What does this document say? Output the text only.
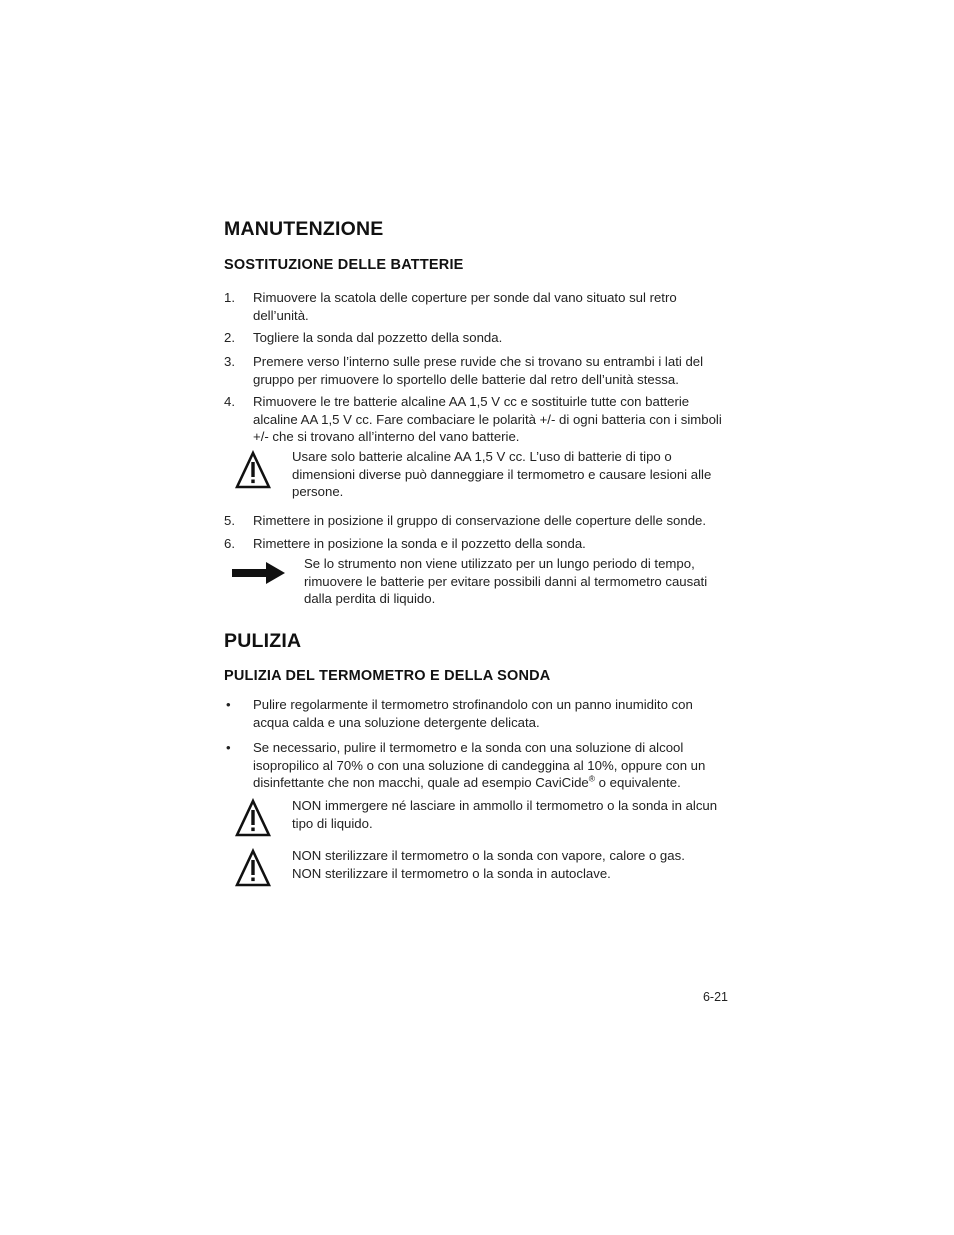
MANUTENZIONE
SOSTITUZIONE DELLE BATTERIE
1.	Rimuovere la scatola delle coperture per sonde dal vano situato sul retro dell’unità.
2.	Togliere la sonda dal pozzetto della sonda.
3.	Premere verso l’interno sulle prese ruvide che si trovano su entrambi i lati del gruppo per rimuovere lo sportello delle batterie dal retro dell’unità stessa.
4.	Rimuovere le tre batterie alcaline AA 1,5 V cc e sostituirle tutte con batterie alcaline AA 1,5 V cc. Fare combaciare le polarità +/- di ogni batteria con i simboli +/- che si trovano all’interno del vano batterie.
Usare solo batterie alcaline AA 1,5 V cc. L’uso di batterie di tipo o dimensioni diverse può danneggiare il termometro e causare lesioni alle persone.
5.	Rimettere in posizione il gruppo di conservazione delle coperture delle sonde.
6.	Rimettere in posizione la sonda e il pozzetto della sonda.
Se lo strumento non viene utilizzato per un lungo periodo di tempo, rimuovere le batterie per evitare possibili danni al termometro causati dalla perdita di liquido.
PULIZIA
PULIZIA DEL TERMOMETRO E DELLA SONDA
•	Pulire regolarmente il termometro strofinandolo con un panno inumidito con acqua calda e una soluzione detergente delicata.
•	Se necessario, pulire il termometro e la sonda con una soluzione di alcool isopropilico al 70% o con una soluzione di candeggina al 10%, oppure con un disinfettante che non macchi, quale ad esempio CaviCide® o equivalente.
NON immergere né lasciare in ammollo il termometro o la sonda in alcun tipo di liquido.
NON sterilizzare il termometro o la sonda con vapore, calore o gas.
NON sterilizzare il termometro o la sonda in autoclave.
6-21
